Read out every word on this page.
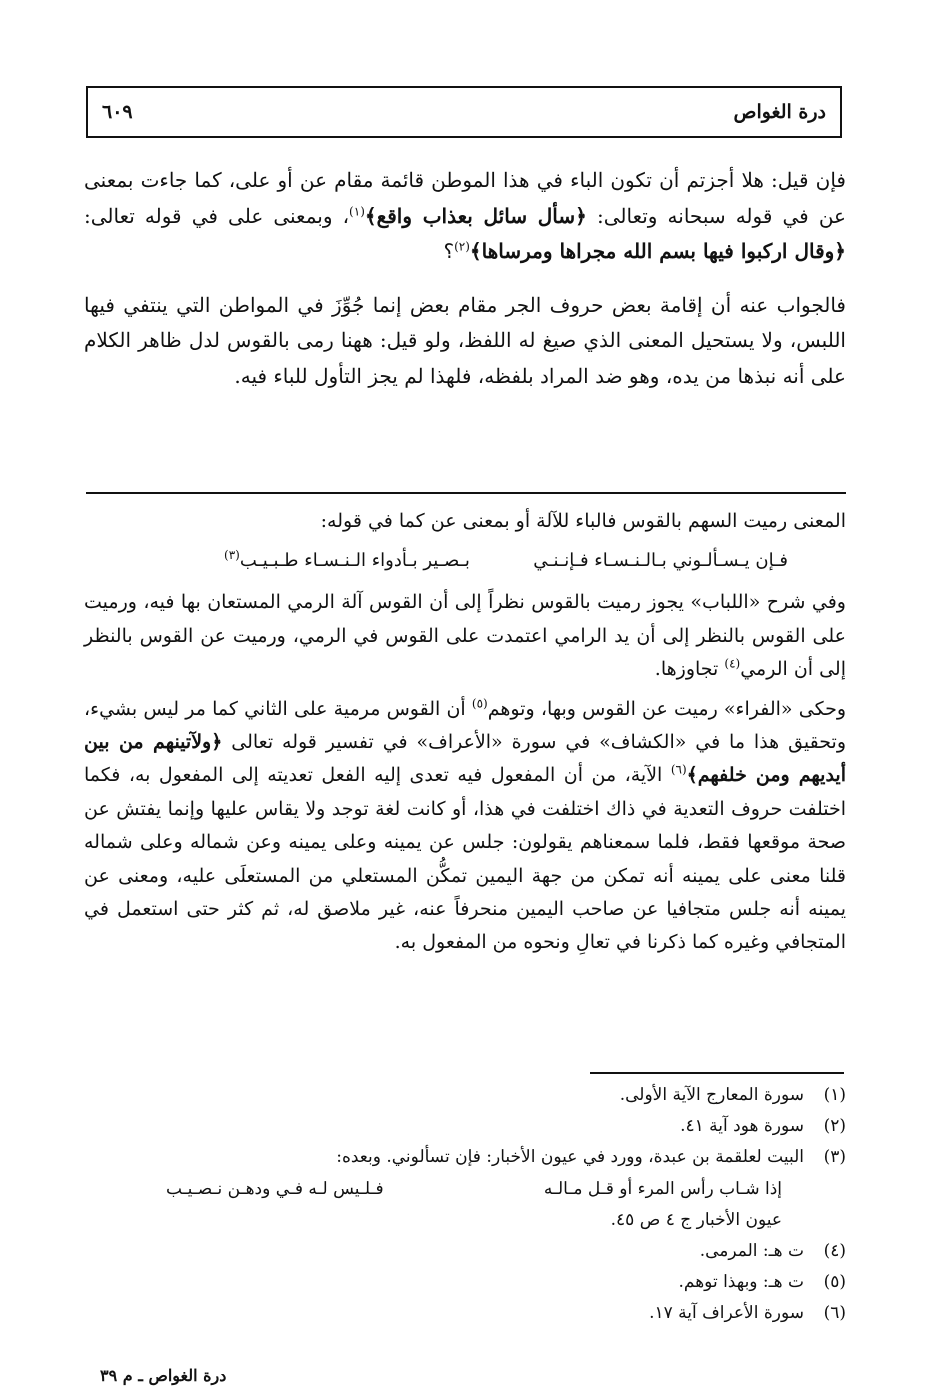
درة الغواص
٦٠٩

فإن قيل: هلا أجزتم أن تكون الباء في هذا الموطن قائمة مقام عن أو على، كما جاءت بمعنى عن في قوله سبحانه وتعالى: ﴿سأل سائل بعذاب واقع﴾$^{(١)}$، وبمعنى على في قوله تعالى: ﴿وقال اركبوا فيها بسم الله مجراها ومرساها﴾$^{(٢)}$؟

فالجواب عنه أن إقامة بعض حروف الجر مقام بعض إنما جُوِّزَ في المواطن التي ينتفي فيها اللبس، ولا يستحيل المعنى الذي صيغ له اللفظ، ولو قيل: ههنا رمى بالقوس لدل ظاهر الكلام على أنه نبذها من يده، وهو ضد المراد بلفظه، فلهذا لم يجز التأول للباء فيه.

المعنى رميت السهم بالقوس فالباء للآلة أو بمعنى عن كما في قوله:

فـإن يـسـألـوني بـالـنـسـاء فـإنـنـي
بـصـير بـأدواء الـنـسـاء طـبـيـب$^{(٣)}$

وفي شرح «اللباب» يجوز رميت بالقوس نظراً إلى أن القوس آلة الرمي المستعان بها فيه، ورميت على القوس بالنظر إلى أن يد الرامي اعتمدت على القوس في الرمي، ورميت عن القوس بالنظر إلى أن الرمي$^{(٤)}$ تجاوزها.

وحكى «الفراء» رميت عن القوس وبها، وتوهم$^{(٥)}$ أن القوس مرمية على الثاني كما مر ليس بشيء، وتحقيق هذا ما في «الكشاف» في سورة «الأعراف» في تفسير قوله تعالى ﴿ولآتينهم من بين أيديهم ومن خلفهم﴾$^{(٦)}$ الآية، من أن المفعول فيه تعدى إليه الفعل تعديته إلى المفعول به، فكما اختلفت حروف التعدية في ذاك اختلفت في هذا، أو كانت لغة توجد ولا يقاس عليها وإنما يفتش عن صحة موقعها فقط، فلما سمعناهم يقولون: جلس عن يمينه وعلى يمينه وعن شماله وعلى شماله قلنا معنى على يمينه أنه تمكن من جهة اليمين تمكُّن المستعلي من المستعلَى عليه، ومعنى عن يمينه أنه جلس متجافيا عن صاحب اليمين منحرفاً عنه، غير ملاصق له، ثم كثر حتى استعمل في المتجافي وغيره كما ذكرنا في تعالِ ونحوه من المفعول به.

(١)
سورة المعارج الآية الأولى.
(٢)
سورة هود آية ٤١.
(٣)
البيت لعلقمة بن عبدة، وورد في عيون الأخبار: فإن تسألوني. وبعده:
إذا شـاب رأس المرء أو قـل مـالـه
فـلـيس لـه فـي ودهـن نـصـيـب
عيون الأخبار ج ٤ ص ٤٥.
(٤)
ت هـ: المرمى.
(٥)
ت هـ: وبهذا توهم.
(٦)
سورة الأعراف آية ١٧.
درة الغواص ـ م ٣٩
